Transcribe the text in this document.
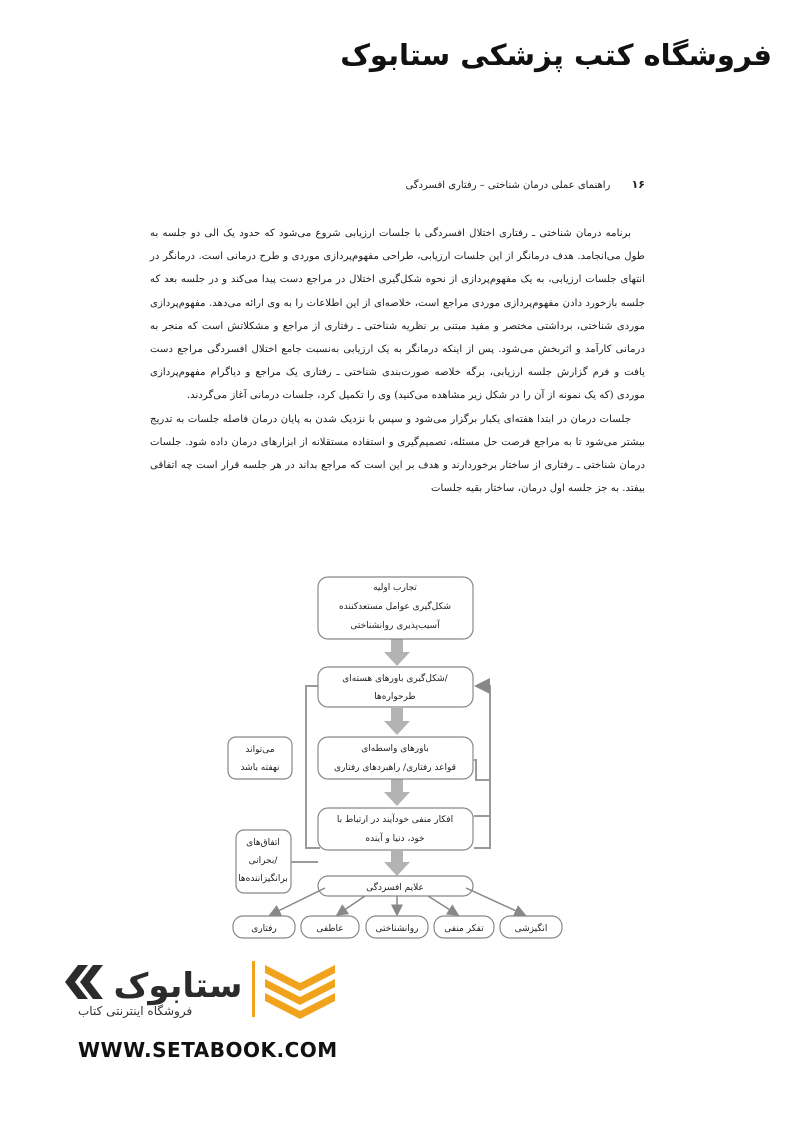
فروشگاه کتب پزشکی ستابوک
۱۶ راهنمای عملی درمان شناختی – رفتاری افسردگی

برنامه درمان شناختی ـ رفتاری اختلال افسردگی با جلسات ارزیابی شروع می‌شود که حدود یک الی دو جلسه به طول می‌انجامد. هدف درمانگر از این جلسات ارزیابی، طراحی مفهوم‌پردازی موردی و طرح درمانی است. درمانگر در انتهای جلسات ارزیابی، به یک مفهوم‌پردازی از نحوه شکل‌گیری اختلال در مراجع دست پیدا می‌کند و در جلسه بعد که جلسه بازخورد دادن مفهوم‌پردازی موردی مراجع است، خلاصه‌ای از این اطلاعات را به وی ارائه می‌دهد. مفهوم‌پردازی موردی شناختی، برداشتی مختصر و مفید مبتنی بر نظریه شناختی ـ رفتاری از مراجع و مشکلاتش است که منجر به درمانی کارآمد و اثربخش می‌شود. پس از اینکه درمانگر به یک ارزیابی به‌نسبت جامع اختلال افسردگی مراجع دست یافت و فرم گزارش جلسه ارزیابی، برگه خلاصه صورت‌بندی شناختی ـ رفتاری یک مراجع و دیاگرام مفهوم‌پردازی موردی (که یک نمونه از آن را در شکل زیر مشاهده می‌کنید) وی را تکمیل کرد، جلسات درمانی آغاز می‌گردند.

جلسات درمان در ابتدا هفته‌ای یکبار برگزار می‌شود و سپس با نزدیک شدن به پایان درمان فاصله جلسات به تدریج بیشتر می‌شود تا به مراجع فرصت حل مسئله، تصمیم‌گیری و استفاده مستقلانه از ابزارهای درمان داده شود. جلسات درمان شناختی ـ رفتاری از ساختار برخوردارند و هدف بر این است که مراجع بداند در هر جلسه قرار است چه اتفاقی بیفتد. به جز جلسه اول درمان، ساختار بقیه جلسات

تجارب اولیه
شکل‌گیری عوامل مستعدکننده
آسیب‌پذیری روانشناختی
شکل‌گیری باورهای هسته‌ای/
طرحواره‌ها
باورهای واسطه‌ای
قواعد رفتاری/ راهبردهای رفتاری
افکار منفی خودآیند در ارتباط با
خود، دنیا و آینده
می‌تواند
نهفته باشد
اتفاق‌های
بحرانی/
برانگیزاننده‌ها
علایم افسردگی
رفتاری	عاطفی	روانشناختی	تفکر منفی	انگیزشی
ستابوک
فروشگاه اینترنتی کتاب
WWW.SETABOOK.COM
